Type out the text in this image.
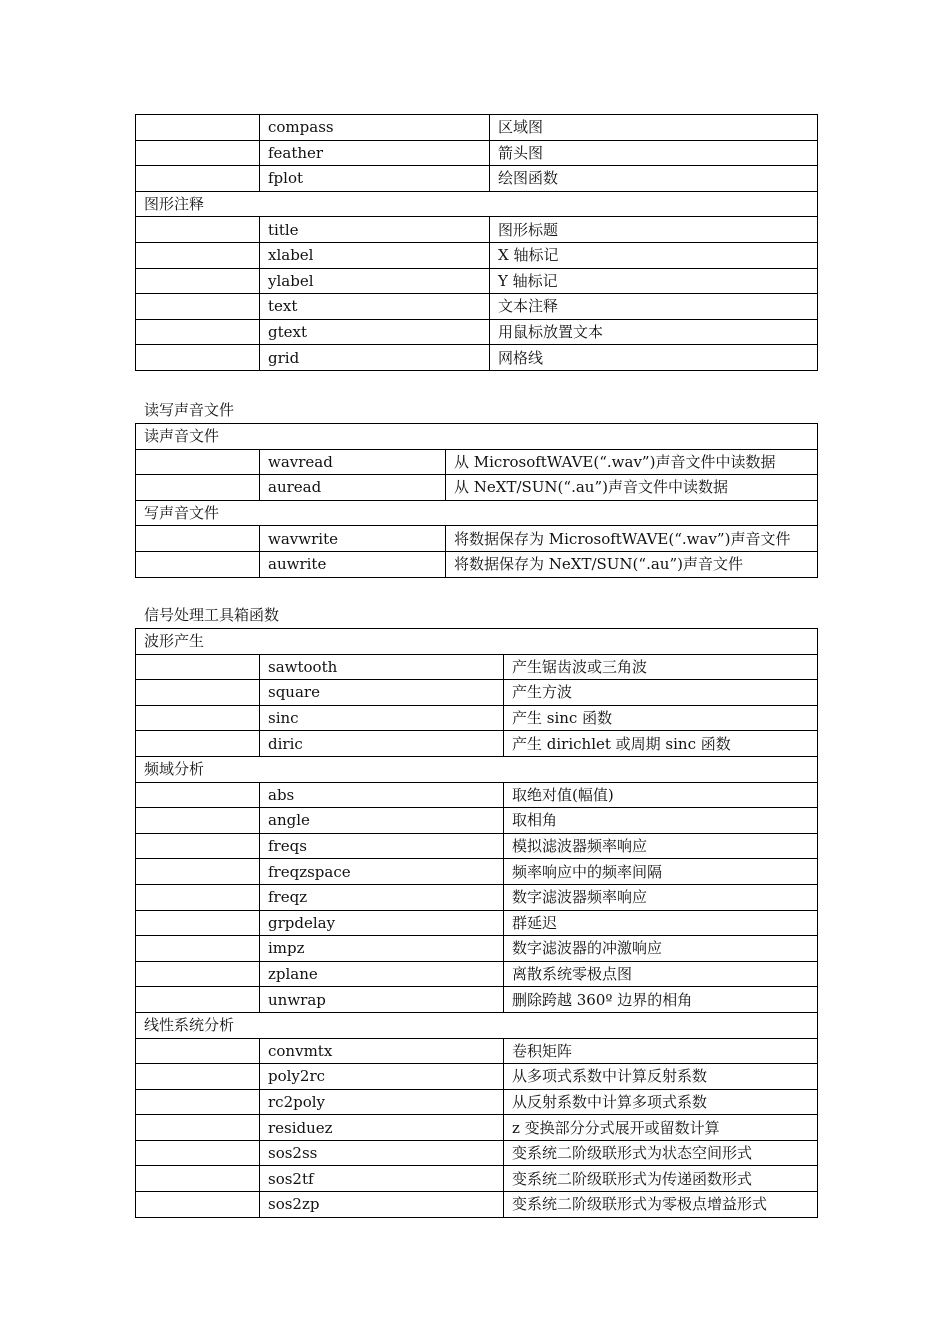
	compass	区域图
	feather	箭头图
	fplot	绘图函数
图形注释		
	title	图形标题
	xlabel	X 轴标记
	ylabel	Y 轴标记
	text	文本注释
	gtext	用鼠标放置文本
	grid	网格线
读写声音文件
读声音文件		
	wavread	从 MicrosoftWAVE(“.wav”)声音文件中读数据
	auread	从 NeXT/SUN(“.au”)声音文件中读数据
写声音文件		
	wavwrite	将数据保存为 MicrosoftWAVE(“.wav”)声音文件
	auwrite	将数据保存为 NeXT/SUN(“.au”)声音文件
信号处理工具箱函数
波形产生		
	sawtooth	产生锯齿波或三角波
	square	产生方波
	sinc	产生 sinc 函数
	diric	产生 dirichlet 或周期 sinc 函数
频域分析		
	abs	取绝对值(幅值)
	angle	取相角
	freqs	模拟滤波器频率响应
	freqzspace	频率响应中的频率间隔
	freqz	数字滤波器频率响应
	grpdelay	群延迟
	impz	数字滤波器的冲激响应
	zplane	离散系统零极点图
	unwrap	删除跨越 360º 边界的相角
线性系统分析		
	convmtx	卷积矩阵
	poly2rc	从多项式系数中计算反射系数
	rc2poly	从反射系数中计算多项式系数
	residuez	z 变换部分分式展开或留数计算
	sos2ss	变系统二阶级联形式为状态空间形式
	sos2tf	变系统二阶级联形式为传递函数形式
	sos2zp	变系统二阶级联形式为零极点增益形式
